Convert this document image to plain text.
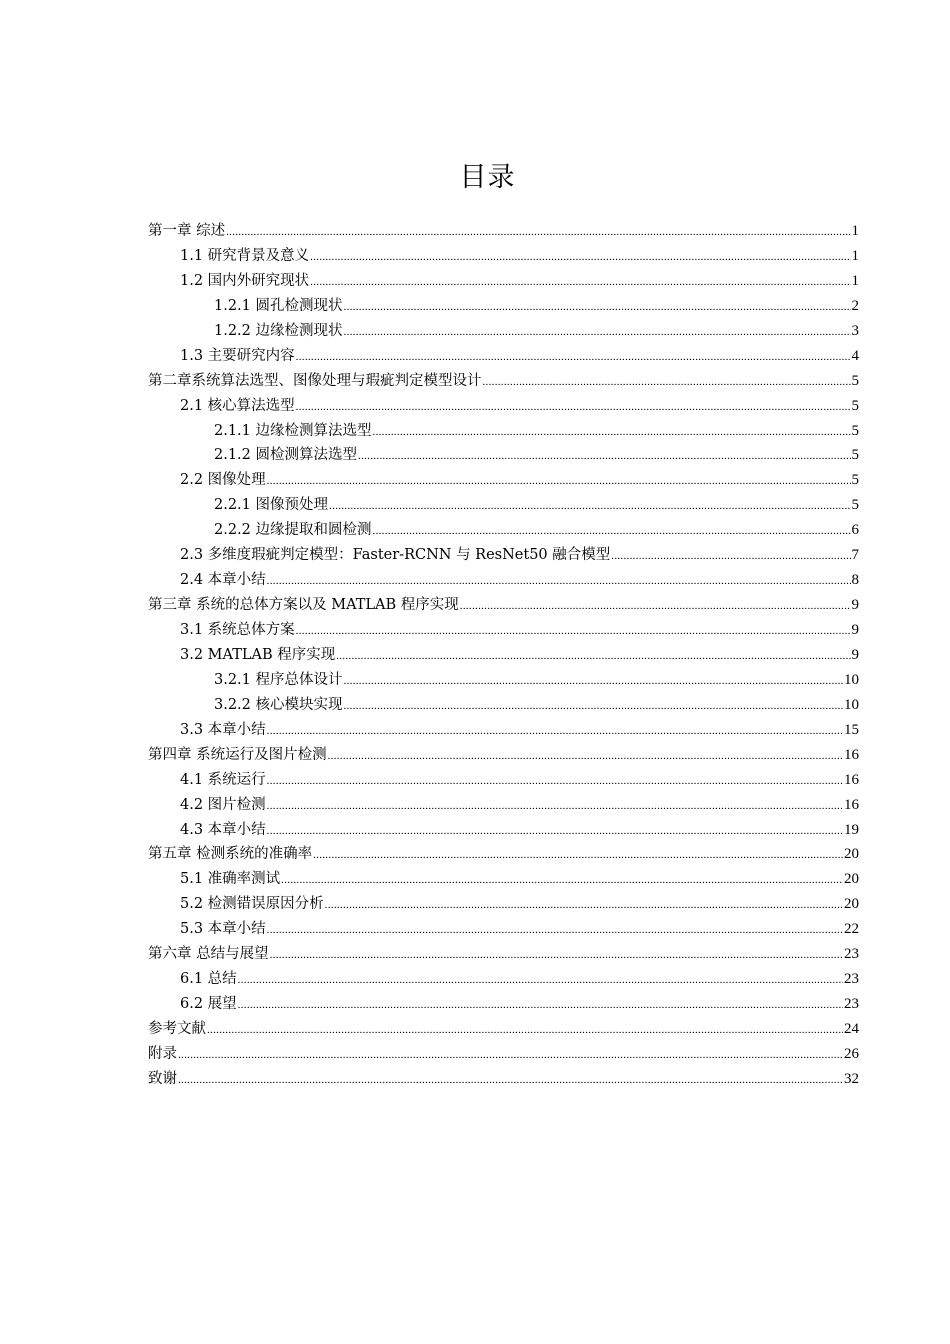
目录
第一章 综述 .....	1
1.1 研究背景及意义 .....	1
1.2 国内外研究现状 .....	1
1.2.1 圆孔检测现状 .....	2
1.2.2 边缘检测现状 .....	3
1.3 主要研究内容 .....	4
第二章系统算法选型、图像处理与瑕疵判定模型设计 .....	5
2.1 核心算法选型 .....	5
2.1.1 边缘检测算法选型 .....	5
2.1.2 圆检测算法选型 .....	5
2.2 图像处理 .....	5
2.2.1 图像预处理 .....	5
2.2.2 边缘提取和圆检测 .....	6
2.3 多维度瑕疵判定模型：Faster-RCNN 与 ResNet50 融合模型 .....	7
2.4 本章小结 .....	8
第三章 系统的总体方案以及 MATLAB 程序实现 .....	9
3.1 系统总体方案 .....	9
3.2 MATLAB 程序实现 .....	9
3.2.1 程序总体设计 .....	10
3.2.2 核心模块实现 .....	10
3.3 本章小结 .....	15
第四章 系统运行及图片检测 .....	16
4.1 系统运行 .....	16
4.2 图片检测 .....	16
4.3 本章小结 .....	19
第五章 检测系统的准确率 .....	20
5.1 准确率测试 .....	20
5.2 检测错误原因分析 .....	20
5.3 本章小结 .....	22
第六章 总结与展望 .....	23
6.1 总结 .....	23
6.2 展望 .....	23
参考文献 .....	24
附录 .....	26
致谢 .....	32
